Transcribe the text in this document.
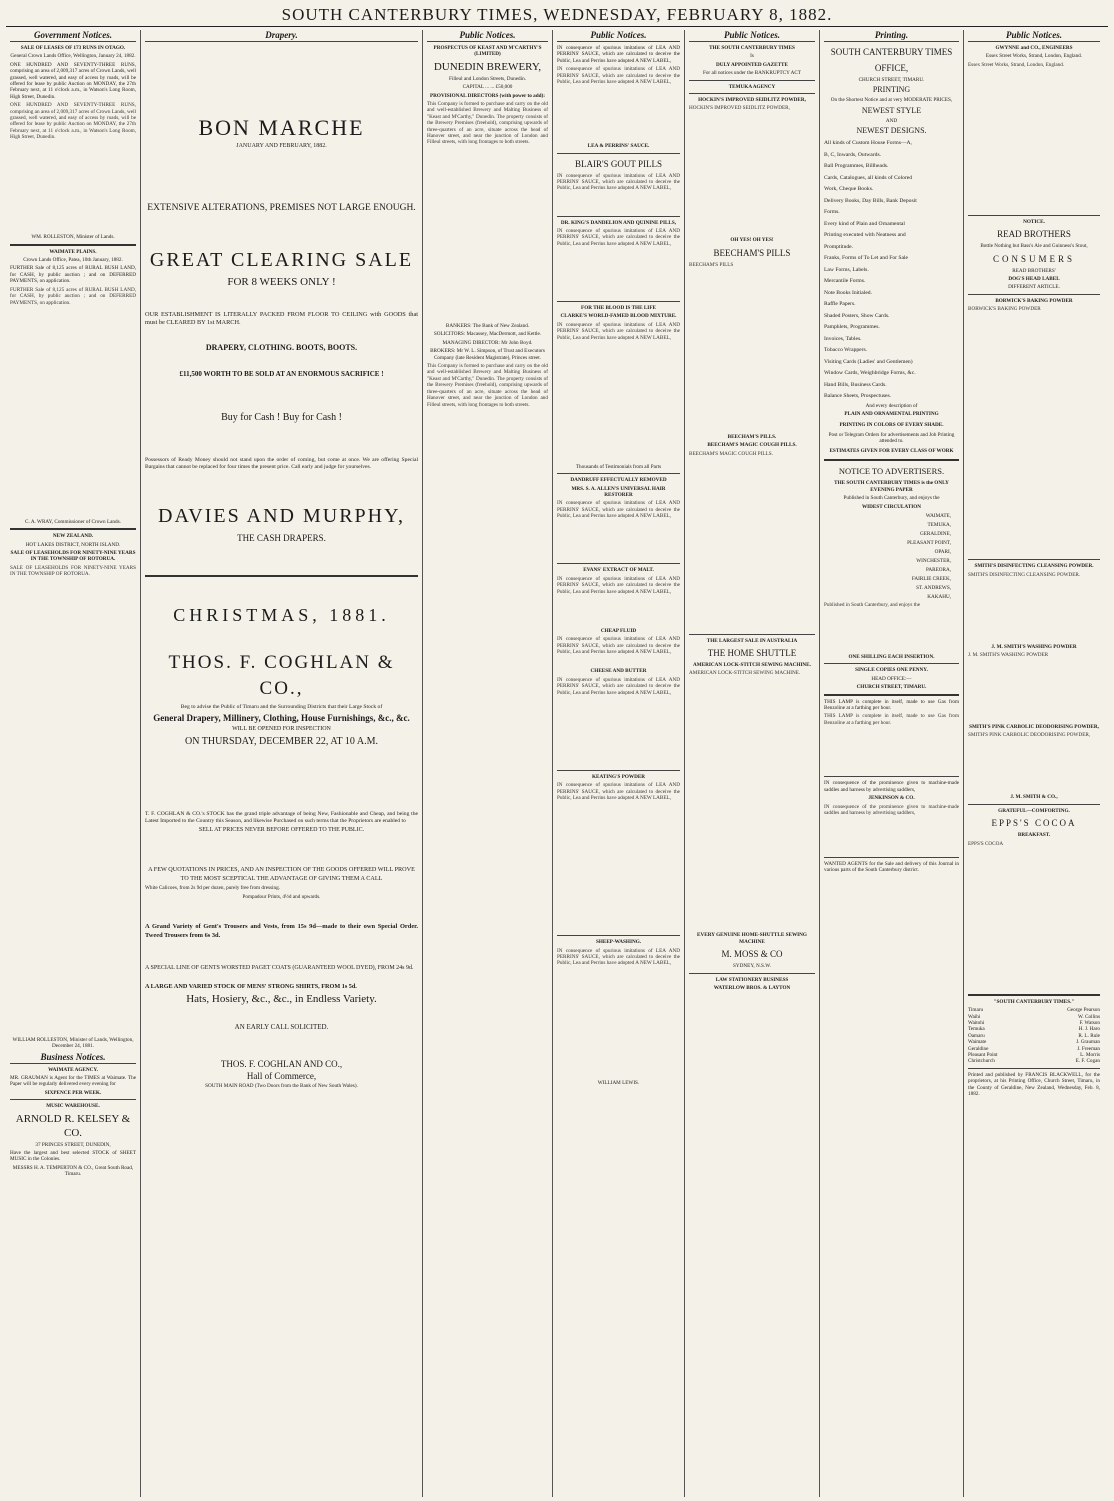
SOUTH CANTERBURY TIMES, WEDNESDAY, FEBRUARY 8, 1882.
Government Notices.

SALE OF LEASES OF 173 RUNS IN OTAGO.

General Crown Lands Office, Wellington, January 24, 1882.

ONE HUNDRED AND SEVENTY-THREE RUNS, comprising an area of 2,009,317 acres of Crown Lands, well grassed, well watered, and easy of access by roads, will be offered for lease by public Auction on MONDAY, the 27th February next, at 11 o'clock a.m., in Watson's Long Room, High Street, Dunedin.

ONE HUNDRED AND SEVENTY-THREE RUNS, comprising an area of 2,009,317 acres of Crown Lands, well grassed, well watered, and easy of access by roads, will be offered for lease by public Auction on MONDAY, the 27th February next, at 11 o'clock a.m., in Watson's Long Room, High Street, Dunedin.

WM. ROLLESTON, Minister of Lands.

WAIMATE PLAINS.

Crown Lands Office, Patea, 10th January, 1882.

FURTHER Sale of 8,125 acres of RURAL BUSH LAND, for CASH, by public auction ; and on DEFERRED PAYMENTS, on application.

FURTHER Sale of 8,125 acres of RURAL BUSH LAND, for CASH, by public auction ; and on DEFERRED PAYMENTS, on application.

C. A. WRAY, Commissioner of Crown Lands.

NEW ZEALAND.

HOT LAKES DISTRICT, NORTH ISLAND.

SALE OF LEASEHOLDS FOR NINETY-NINE YEARS IN THE TOWNSHIP OF ROTORUA.

SALE OF LEASEHOLDS FOR NINETY-NINE YEARS IN THE TOWNSHIP OF ROTORUA.

WILLIAM ROLLESTON, Minister of Lands, Wellington, December 24, 1881.

Business Notices.

WAIMATE AGENCY.

MR. GRAUMAN is Agent for the TIMES at Waimate. The Paper will be regularly delivered every evening for

SIXPENCE PER WEEK.

MUSIC WAREHOUSE.

ARNOLD R. KELSEY & CO.

37 PRINCES STREET, DUNEDIN,

Have the largest and best selected STOCK of SHEET MUSIC in the Colonies.

MESSRS H. A. TEMPERTON & CO., Great South Road, Timaru.

Drapery.

BON MARCHE

JANUARY AND FEBRUARY, 1882.

EXTENSIVE ALTERATIONS, PREMISES NOT LARGE ENOUGH.

GREAT CLEARING SALE

FOR 8 WEEKS ONLY !

OUR ESTABLISHMENT IS LITERALLY PACKED FROM FLOOR TO CEILING with GOODS that must be CLEARED BY 1st MARCH.

DRAPERY, CLOTHING. BOOTS, BOOTS.

£11,500 WORTH TO BE SOLD AT AN ENORMOUS SACRIFICE !

Buy for Cash ! Buy for Cash !

Possessors of Ready Money should not stand upon the order of coming, but come at once. We are offering Special Bargains that cannot be replaced for four times the present price. Call early and judge for yourselves.

DAVIES AND MURPHY,

THE CASH DRAPERS.

CHRISTMAS, 1881.

THOS. F. COGHLAN & CO.,

Beg to advise the Public of Timaru and the Surrounding Districts that their Large Stock of

General Drapery, Millinery, Clothing, House Furnishings, &c., &c.

WILL BE OPENED FOR INSPECTION

ON THURSDAY, DECEMBER 22, AT 10 A.M.

T. F. COGHLAN & CO.'s STOCK has the grand triple advantage of being New, Fashionable and Cheap, and being the Latest Imported to the Country this Season, and likewise Purchased on such terms that the Proprietors are enabled to

SELL AT PRICES NEVER BEFORE OFFERED TO THE PUBLIC.

A FEW QUOTATIONS IN PRICES, AND AN INSPECTION OF THE GOODS OFFERED WILL PROVE TO THE MOST SCEPTICAL THE ADVANTAGE OF GIVING THEM A CALL

White Calicoes, from 2s 9d per dozen, purely free from dressing.

Pompadour Prints, 4½d and upwards.

A Grand Variety of Gent's Trousers and Vests, from 15s 9d—made to their own Special Order. Tweed Trousers from 6s 3d.

A SPECIAL LINE OF GENTS WORSTED PAGET COATS (GUARANTEED WOOL DYED), FROM 24s 9d.

A LARGE AND VARIED STOCK OF MENS' STRONG SHIRTS, FROM 1s 5d.

Hats, Hosiery, &c., &c., in Endless Variety.

AN EARLY CALL SOLICITED.

THOS. F. COGHLAN AND CO.,

Hall of Commerce,

SOUTH MAIN ROAD (Two Doors from the Bank of New South Wales).

Public Notices.

PROSPECTUS OF KEAST AND M'CARTHY'S (LIMITED)

DUNEDIN BREWERY,

Filleul and London Streets, Dunedin.

CAPITAL ... ... £50,000

PROVISIONAL DIRECTORS (with power to add):

This Company is formed to purchase and carry on the old and well-established Brewery and Malting Business of "Keast and M'Carthy," Dunedin. The property consists of the Brewery Premises (freehold), comprising upwards of three-quarters of an acre, situate across the head of Hanover street, and near the junction of London and Filleul streets, with long frontages to both streets.

BANKERS: The Bank of New Zealand.

SOLICITORS: Macassey, MacDermott, and Kettle.

MANAGING DIRECTOR: Mr John Boyd.

BROKERS: Mr W. L. Simpson, of Trust and Executors Company (late Resident Magistrate), Princes street.

This Company is formed to purchase and carry on the old and well-established Brewery and Malting Business of "Keast and M'Carthy," Dunedin. The property consists of the Brewery Premises (freehold), comprising upwards of three-quarters of an acre, situate across the head of Hanover street, and near the junction of London and Filleul streets, with long frontages to both streets.

Public Notices.

IN consequence of spurious imitations of LEA AND PERRINS' SAUCE, which are calculated to deceive the Public, Lea and Perrins have adopted A NEW LABEL,

IN consequence of spurious imitations of LEA AND PERRINS' SAUCE, which are calculated to deceive the Public, Lea and Perrins have adopted A NEW LABEL,

LEA & PERRINS' SAUCE.

BLAIR'S GOUT PILLS

IN consequence of spurious imitations of LEA AND PERRINS' SAUCE, which are calculated to deceive the Public, Lea and Perrins have adopted A NEW LABEL,

DR. KING'S DANDELION AND QUININE PILLS,

IN consequence of spurious imitations of LEA AND PERRINS' SAUCE, which are calculated to deceive the Public, Lea and Perrins have adopted A NEW LABEL,

FOR THE BLOOD IS THE LIFE

CLARKE'S WORLD-FAMED BLOOD MIXTURE.

IN consequence of spurious imitations of LEA AND PERRINS' SAUCE, which are calculated to deceive the Public, Lea and Perrins have adopted A NEW LABEL,

Thousands of Testimonials from all Parts

DANDRUFF EFFECTUALLY REMOVED

MRS. S. A. ALLEN'S UNIVERSAL HAIR RESTORER

IN consequence of spurious imitations of LEA AND PERRINS' SAUCE, which are calculated to deceive the Public, Lea and Perrins have adopted A NEW LABEL,

EVANS' EXTRACT OF MALT.

IN consequence of spurious imitations of LEA AND PERRINS' SAUCE, which are calculated to deceive the Public, Lea and Perrins have adopted A NEW LABEL,

CHEAP FLUID

IN consequence of spurious imitations of LEA AND PERRINS' SAUCE, which are calculated to deceive the Public, Lea and Perrins have adopted A NEW LABEL,

CHEESE AND BUTTER

IN consequence of spurious imitations of LEA AND PERRINS' SAUCE, which are calculated to deceive the Public, Lea and Perrins have adopted A NEW LABEL,

KEATING'S POWDER

IN consequence of spurious imitations of LEA AND PERRINS' SAUCE, which are calculated to deceive the Public, Lea and Perrins have adopted A NEW LABEL,

SHEEP-WASHING.

IN consequence of spurious imitations of LEA AND PERRINS' SAUCE, which are calculated to deceive the Public, Lea and Perrins have adopted A NEW LABEL,

WILLIAM LEWIS.

Public Notices.

THE SOUTH CANTERBURY TIMES

Is

DULY APPOINTED GAZETTE

For all notices under the BANKRUPTCY ACT

TEMUKA AGENCY

HOCKIN'S IMPROVED SEIDLITZ POWDER,

HOCKIN'S IMPROVED SEIDLITZ POWDER,

OH YES! OH YES!

BEECHAM'S PILLS

BEECHAM'S PILLS

BEECHAM'S PILLS.

BEECHAM'S MAGIC COUGH PILLS.

BEECHAM'S MAGIC COUGH PILLS.

THE LARGEST SALE IN AUSTRALIA

THE HOME SHUTTLE

AMERICAN LOCK-STITCH SEWING MACHINE.

AMERICAN LOCK-STITCH SEWING MACHINE.

EVERY GENUINE HOME-SHUTTLE SEWING MACHINE

M. MOSS & CO

SYDNEY, N.S.W.

LAW STATIONERY BUSINESS

WATERLOW BROS. & LAYTON

Printing.

SOUTH CANTERBURY TIMES

OFFICE,

CHURCH STREET, TIMARU.

PRINTING

On the Shortest Notice and at very MODERATE PRICES,

NEWEST STYLE

AND

NEWEST DESIGNS.

All kinds of Custom House Forms—A,
B, C, Inwards, Outwards.
Ball Programmes, Billheads.
Cards, Catalogues, all kinds of Colored
Work, Cheque Books.
Delivery Books, Day Bills, Bank Deposit
Forms.
Every kind of Plain and Ornamental
Printing executed with Neatness and
Promptitude.
Franks, Forms of To Let and For Sale
Law Forms, Labels.
Mercantile Forms.
Note Books Initialed.
Raffle Papers.
Shaded Posters, Show Cards.
Pamphlets, Programmes.
Invoices, Tables.
Tobacco Wrappers.
Visiting Cards (Ladies' and Gentlemen)
Window Cards, Weighbridge Forms, &c.
Hand Bills, Business Cards.
Balance Sheets, Prospectuses.

And every description of

PLAIN AND ORNAMENTAL PRINTING

PRINTING IN COLORS OF EVERY SHADE.

Post or Telegram Orders for advertisements and Job Printing attended to.

ESTIMATES GIVEN FOR EVERY CLASS OF WORK

NOTICE TO ADVERTISERS.

THE SOUTH CANTERBURY TIMES is the ONLY EVENING PAPER

Published in South Canterbury, and enjoys the

WIDEST CIRCULATION

WAIMATE,
TEMUKA,
GERALDINE,
PLEASANT POINT,
OPARI,
WINCHESTER,
PAREORA,
FAIRLIE CREEK,
ST. ANDREWS,
KAKAHU,

Published in South Canterbury, and enjoys the

ONE SHILLING EACH INSERTION.

SINGLE COPIES ONE PENNY.

HEAD OFFICE:—

CHURCH STREET, TIMARU.

THIS LAMP is complete in itself, made to use Gas from Benzoline at a farthing per hour.

THIS LAMP is complete in itself, made to use Gas from Benzoline at a farthing per hour.

IN consequence of the prominence given to machine-made saddles and harness by advertising saddlers,

JENKINSON & CO.

IN consequence of the prominence given to machine-made saddles and harness by advertising saddlers,

WANTED AGENTS for the Sale and delivery of this Journal in various parts of the South Canterbury district.

Public Notices.

GWYNNE and CO., ENGINEERS

Essex Street Works, Strand, London, England.

Essex Street Works, Strand, London, England.

NOTICE.

READ BROTHERS

Bottle Nothing but Bass's Ale and Guinness's Stout,

CONSUMERS

READ BROTHERS'

DOG'S HEAD LABEL

DIFFERENT ARTICLE.

BORWICK'S BAKING POWDER

BORWICK'S BAKING POWDER

SMITH'S DISINFECTING CLEANSING POWDER.

SMITH'S DISINFECTING CLEANSING POWDER.

J. M. SMITH'S WASHING POWDER

J. M. SMITH'S WASHING POWDER

SMITH'S PINK CARBOLIC DEODORISING POWDER,

SMITH'S PINK CARBOLIC DEODORISING POWDER,

J. M. SMITH & CO.,

GRATEFUL—COMFORTING.

EPPS'S COCOA

BREAKFAST.

EPPS'S COCOA

"SOUTH CANTERBURY TIMES."

Timaru	George Pearson
Waihi	W. Collins
Waitohi	F. Watson
Temuka	H. J. Haro
Oamaru	R. L. Rule
Waimate	J. Grauman
Geraldine	J. Freeman
Pleasant Point	L. Morris
Christchurch	E. F. Cogan

Printed and published by FRANCIS BLACKWELL, for the proprietors, at his Printing Office, Church Street, Timaru, in the County of Geraldine, New Zealand, Wednesday, Feb. 8, 1882.
